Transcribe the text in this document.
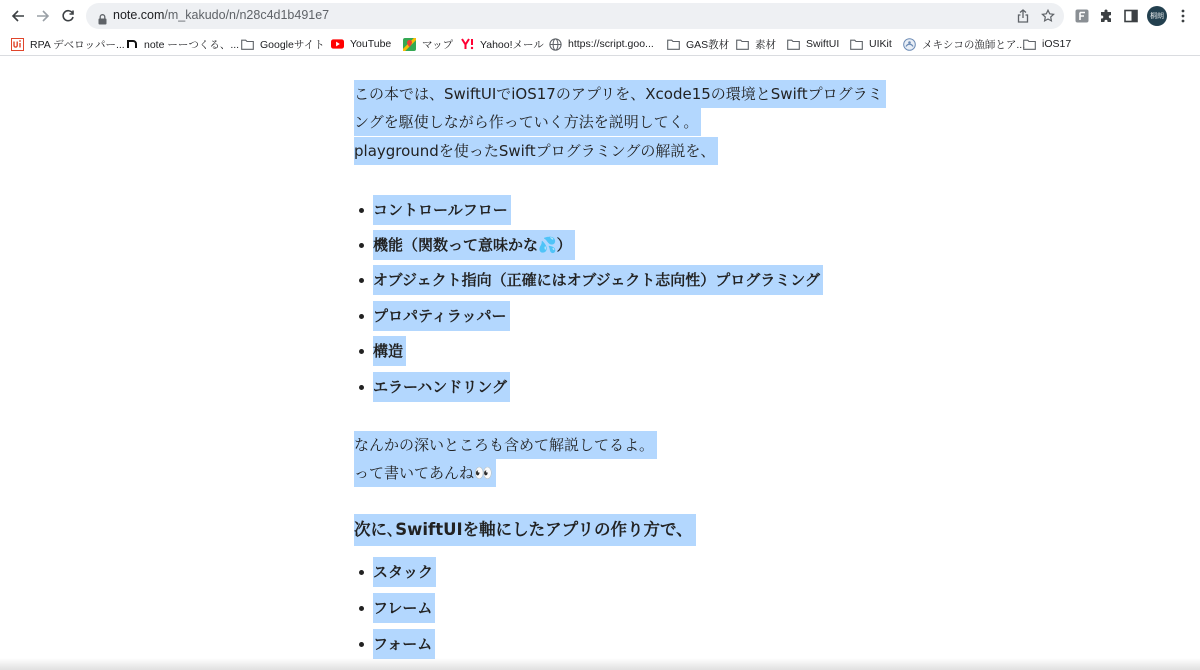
note.com/m_kakudo/n/n28c4d1b491e7	桐朗
RPA デベロッパー... note ーーつくる、... Googleサイト YouTube	マップ	Yahoo!メール https://script.goo...	GAS教材 素材	SwiftUI	UIKit	メキシコの漁師とア... iOS17
この本では、SwiftUIでiOS17のアプリを、Xcode15の環境とSwiftプログラミ
ングを駆使しながら作っていく方法を説明してく。
playgroundを使ったSwiftプログラミングの解説を、
コントロールフロー
機能（関数って意味かな💦）
オブジェクト指向（正確にはオブジェクト志向性）プログラミング
プロパティラッパー
構造
エラーハンドリング
なんかの深いところも含めて解説してるよ。
って書いてあんね👀
次に､SwiftUIを軸にしたアプリの作り方で、
スタック
フレーム
フォーム
